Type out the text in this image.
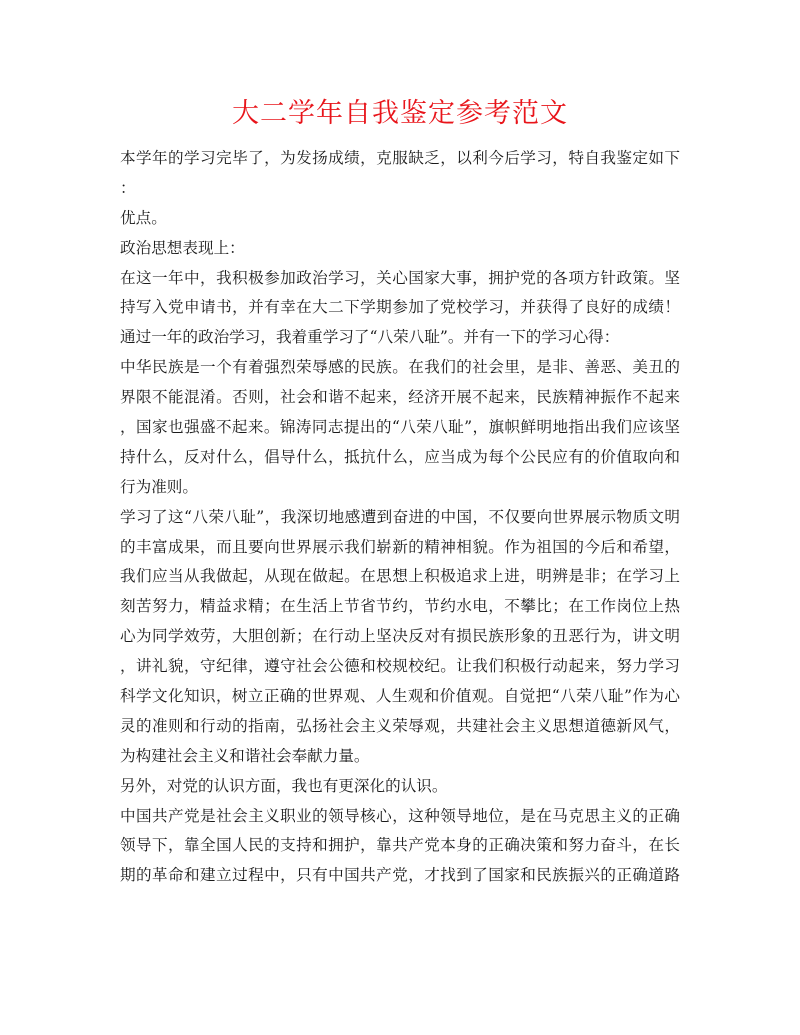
大二学年自我鉴定参考范文
本学年的学习完毕了，为发扬成绩，克服缺乏，以利今后学习，特自我鉴定如下
：
优点。
政治思想表现上：
在这一年中，我积极参加政治学习，关心国家大事，拥护党的各项方针政策。坚
持写入党申请书，并有幸在大二下学期参加了党校学习，并获得了良好的成绩！
通过一年的政治学习，我着重学习了“八荣八耻”。并有一下的学习心得：
中华民族是一个有着强烈荣辱感的民族。在我们的社会里，是非、善恶、美丑的
界限不能混淆。否则，社会和谐不起来，经济开展不起来，民族精神振作不起来
，国家也强盛不起来。锦涛同志提出的“八荣八耻”，旗帜鲜明地指出我们应该坚
持什么，反对什么，倡导什么，抵抗什么，应当成为每个公民应有的价值取向和
行为准则。
学习了这“八荣八耻”，我深切地感遭到奋进的中国，不仅要向世界展示物质文明
的丰富成果，而且要向世界展示我们崭新的精神相貌。作为祖国的今后和希望，
我们应当从我做起，从现在做起。在思想上积极追求上进，明辨是非；在学习上
刻苦努力，精益求精；在生活上节省节约，节约水电，不攀比；在工作岗位上热
心为同学效劳，大胆创新；在行动上坚决反对有损民族形象的丑恶行为，讲文明
，讲礼貌，守纪律，遵守社会公德和校规校纪。让我们积极行动起来，努力学习
科学文化知识，树立正确的世界观、人生观和价值观。自觉把“八荣八耻”作为心
灵的准则和行动的指南，弘扬社会主义荣辱观，共建社会主义思想道德新风气，
为构建社会主义和谐社会奉献力量。
另外，对党的认识方面，我也有更深化的认识。
中国共产党是社会主义职业的领导核心，这种领导地位，是在马克思主义的正确
领导下，靠全国人民的支持和拥护，靠共产党本身的正确决策和努力奋斗，在长
期的革命和建立过程中，只有中国共产党，才找到了国家和民族振兴的正确道路
